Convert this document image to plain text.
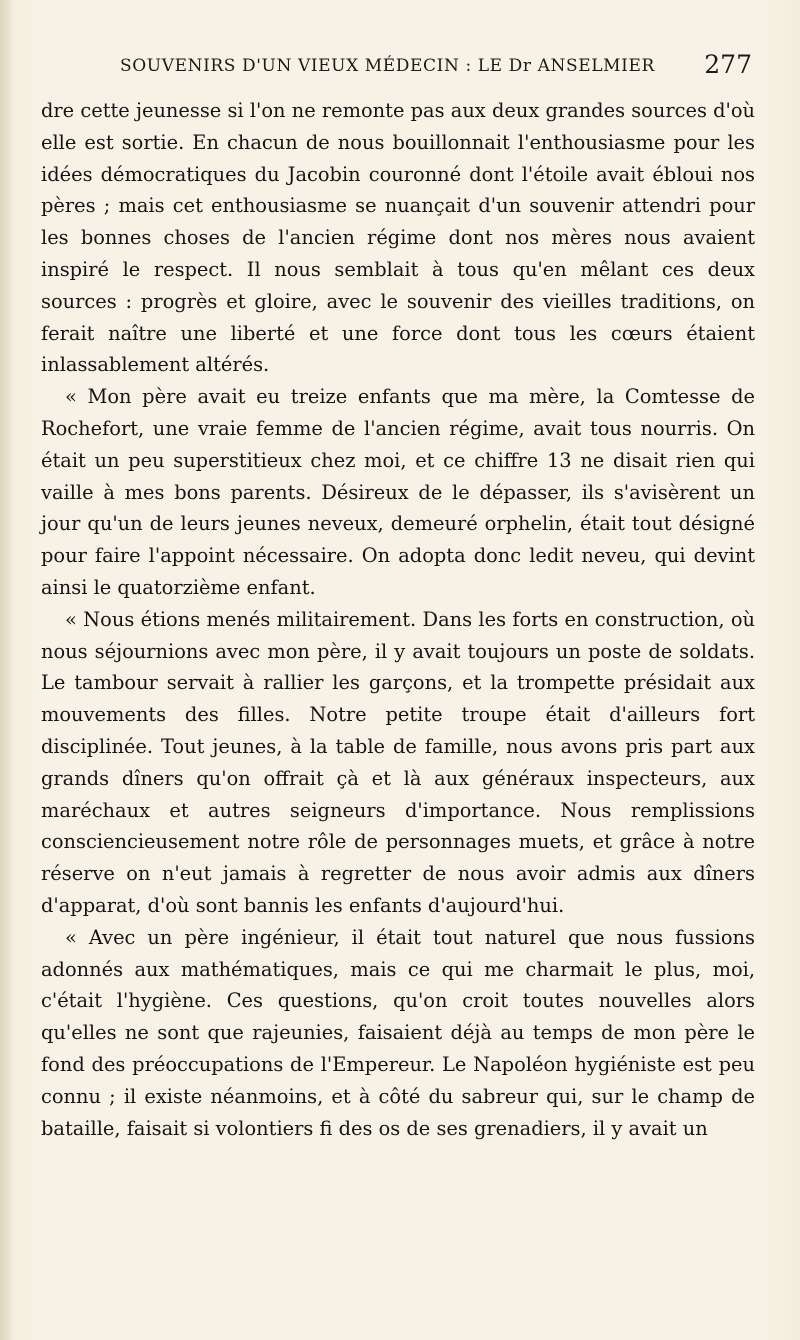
SOUVENIRS D'UN VIEUX MÉDECIN : LE Dr ANSELMIER 277

dre cette jeunesse si l'on ne remonte pas aux deux grandes sources d'où elle est sortie. En chacun de nous bouillonnait l'enthousiasme pour les idées démocratiques du Jacobin couronné dont l'étoile avait ébloui nos pères ; mais cet enthousiasme se nuançait d'un souvenir attendri pour les bonnes choses de l'ancien régime dont nos mères nous avaient inspiré le respect. Il nous semblait à tous qu'en mêlant ces deux sources : progrès et gloire, avec le souvenir des vieilles traditions, on ferait naître une liberté et une force dont tous les cœurs étaient inlassablement altérés.

« Mon père avait eu treize enfants que ma mère, la Comtesse de Rochefort, une vraie femme de l'ancien régime, avait tous nourris. On était un peu superstitieux chez moi, et ce chiffre 13 ne disait rien qui vaille à mes bons parents. Désireux de le dépasser, ils s'avisèrent un jour qu'un de leurs jeunes neveux, demeuré orphelin, était tout désigné pour faire l'appoint nécessaire. On adopta donc ledit neveu, qui devint ainsi le quatorzième enfant.

« Nous étions menés militairement. Dans les forts en construction, où nous séjournions avec mon père, il y avait toujours un poste de soldats. Le tambour servait à rallier les garçons, et la trompette présidait aux mouvements des filles. Notre petite troupe était d'ailleurs fort disciplinée. Tout jeunes, à la table de famille, nous avons pris part aux grands dîners qu'on offrait çà et là aux généraux inspecteurs, aux maréchaux et autres seigneurs d'importance. Nous remplissions consciencieusement notre rôle de personnages muets, et grâce à notre réserve on n'eut jamais à regretter de nous avoir admis aux dîners d'apparat, d'où sont bannis les enfants d'aujourd'hui.

« Avec un père ingénieur, il était tout naturel que nous fussions adonnés aux mathématiques, mais ce qui me charmait le plus, moi, c'était l'hygiène. Ces questions, qu'on croit toutes nouvelles alors qu'elles ne sont que rajeunies, faisaient déjà au temps de mon père le fond des préoccupations de l'Empereur. Le Napoléon hygiéniste est peu connu ; il existe néanmoins, et à côté du sabreur qui, sur le champ de bataille, faisait si volontiers fi des os de ses grenadiers, il y avait un
